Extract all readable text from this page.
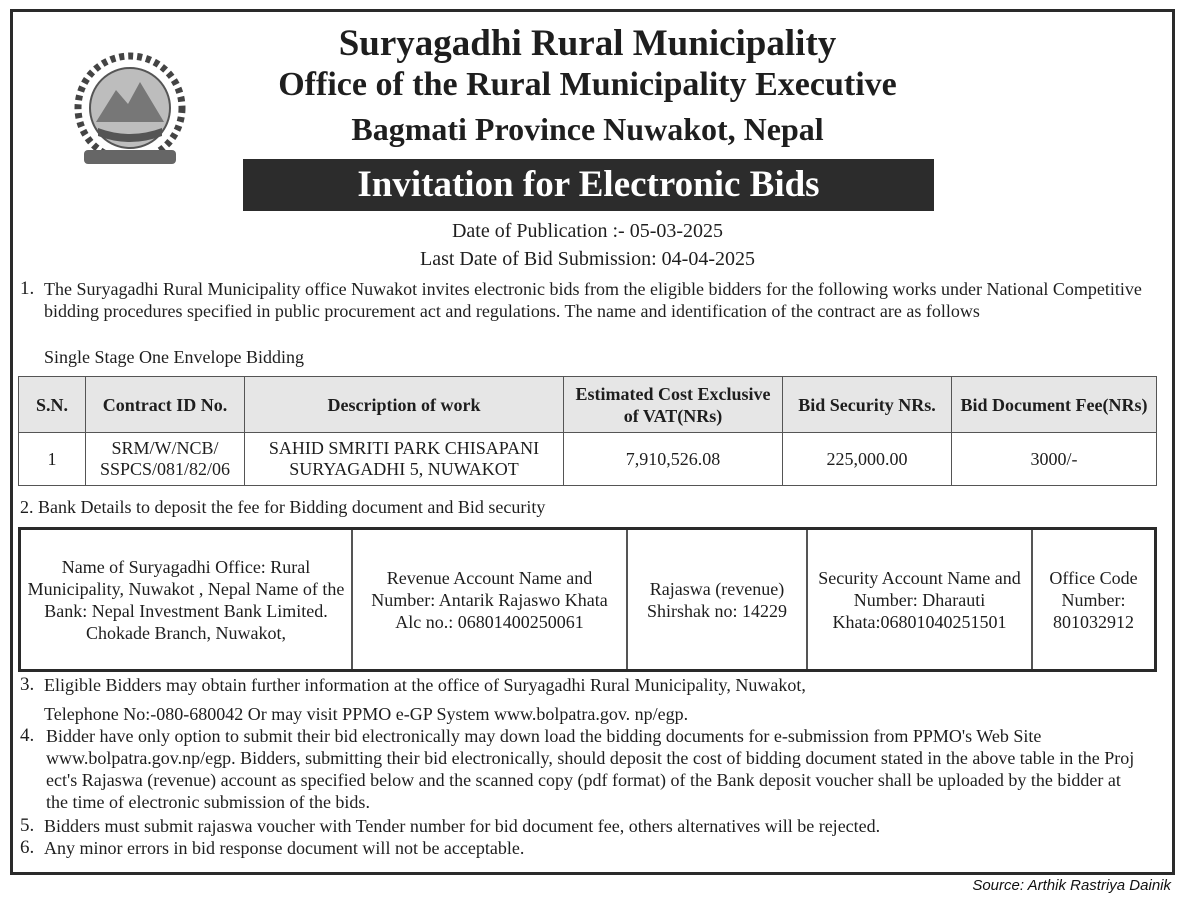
Suryagadhi Rural Municipality
Office of the Rural Municipality Executive
Bagmati Province Nuwakot, Nepal
Invitation for Electronic Bids
Date of Publication :- 05-03-2025
Last Date of Bid Submission: 04-04-2025
1. The Suryagadhi Rural Municipality office Nuwakot invites electronic bids from the eligible bidders for the following works under National Competitive bidding procedures specified in public procurement act and regulations. The name and identification of the contract are as follows
Single Stage One Envelope Bidding
S.N.	Contract ID No.	Description of work	Estimated Cost Exclusive of VAT(NRs)	Bid Security NRs.	Bid Document Fee(NRs)
1	SRM/W/NCB/ SSPCS/081/82/06	SAHID SMRITI PARK CHISAPANI SURYAGADHI 5, NUWAKOT	7,910,526.08	225,000.00	3000/-
2. Bank Details to deposit the fee for Bidding document and Bid security
Name of Suryagadhi Office: Rural Municipality, Nuwakot , Nepal Name of the Bank: Nepal Investment Bank Limited. Chokade Branch, Nuwakot,	Revenue Account Name and Number: Antarik Rajaswo Khata Alc no.: 06801400250061	Rajaswa (revenue) Shirshak no: 14229	Security Account Name and Number: Dharauti Khata:06801040251501	Office Code Number: 801032912
3. Eligible Bidders may obtain further information at the office of Suryagadhi Rural Municipality, Nuwakot,
Telephone No:-080-680042 Or may visit PPMO e-GP System www.bolpatra.gov. np/egp.
4. Bidder have only option to submit their bid electronically may down load the bidding documents for e-submission from PPMO's Web Site www.bolpatra.gov.np/egp. Bidders, submitting their bid electronically, should deposit the cost of bidding document stated in the above table in the Proj ect's Rajaswa (revenue) account as specified below and the scanned copy (pdf format) of the Bank deposit voucher shall be uploaded by the bidder at the time of electronic submission of the bids.
5. Bidders must submit rajaswa voucher with Tender number for bid document fee, others alternatives will be rejected.
6. Any minor errors in bid response document will not be acceptable.
Source: Arthik Rastriya Dainik
